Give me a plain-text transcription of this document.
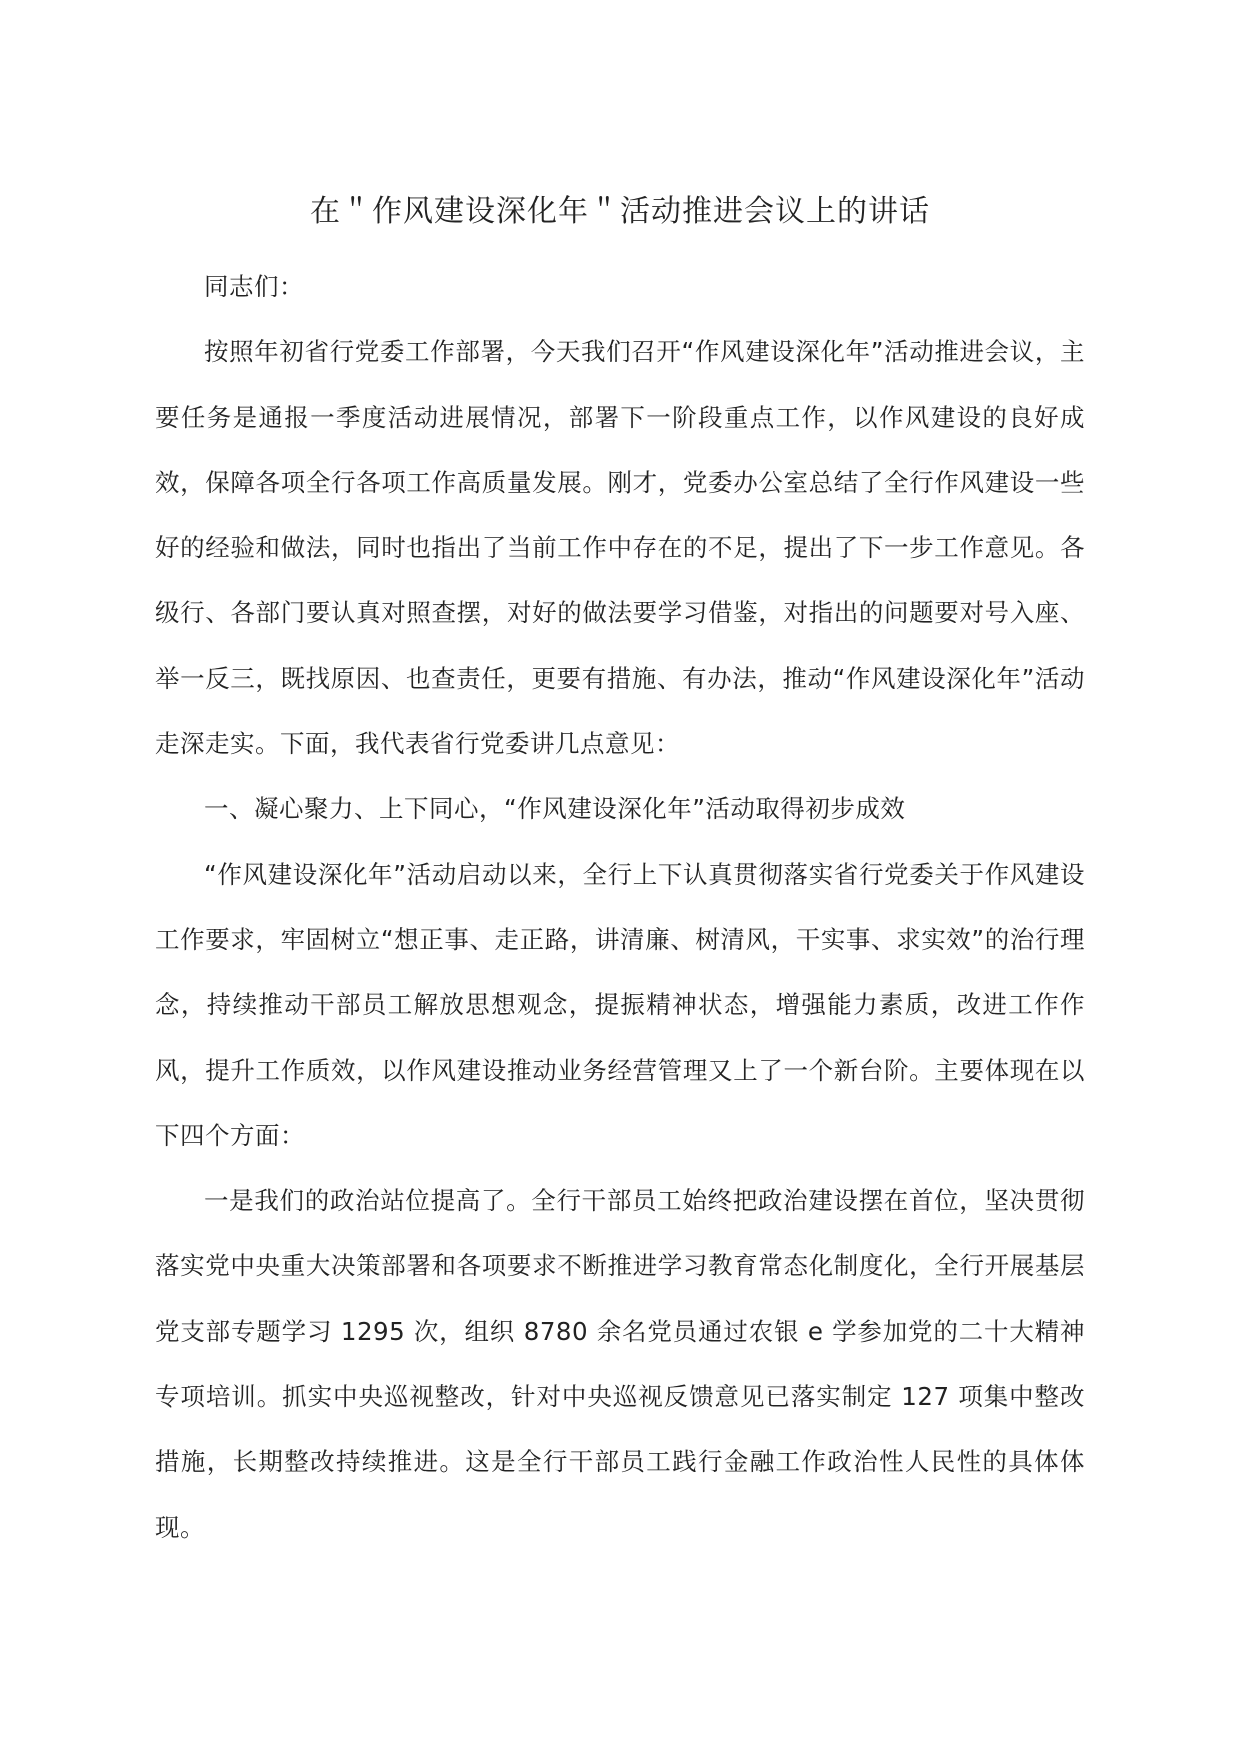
在＂作风建设深化年＂活动推进会议上的讲话

同志们：

按照年初省行党委工作部署，今天我们召开“作风建设深化年”活动推进会议，主要任务是通报一季度活动进展情况，部署下一阶段重点工作，以作风建设的良好成效，保障各项全行各项工作高质量发展。刚才，党委办公室总结了全行作风建设一些好的经验和做法，同时也指出了当前工作中存在的不足，提出了下一步工作意见。各级行、各部门要认真对照查摆，对好的做法要学习借鉴，对指出的问题要对号入座、举一反三，既找原因、也查责任，更要有措施、有办法，推动“作风建设深化年”活动走深走实。下面，我代表省行党委讲几点意见：

一、凝心聚力、上下同心，“作风建设深化年”活动取得初步成效

“作风建设深化年”活动启动以来，全行上下认真贯彻落实省行党委关于作风建设工作要求，牢固树立“想正事、走正路，讲清廉、树清风，干实事、求实效”的治行理念，持续推动干部员工解放思想观念，提振精神状态，增强能力素质，改进工作作风，提升工作质效，以作风建设推动业务经营管理又上了一个新台阶。主要体现在以下四个方面：

一是我们的政治站位提高了。全行干部员工始终把政治建设摆在首位，坚决贯彻落实党中央重大决策部署和各项要求不断推进学习教育常态化制度化，全行开展基层党支部专题学习 1295 次，组织 8780 余名党员通过农银 e 学参加党的二十大精神专项培训。抓实中央巡视整改，针对中央巡视反馈意见已落实制定 127 项集中整改措施，长期整改持续推进。这是全行干部员工践行金融工作政治性人民性的具体体现。
